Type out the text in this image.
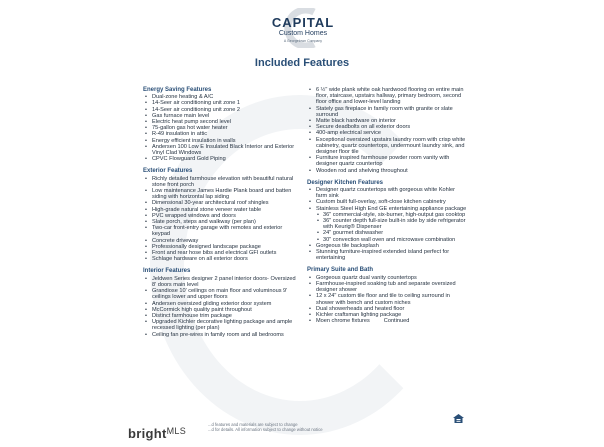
CAPITAL
Custom Homes
A Georgetown Company
Included Features
Energy Saving Features
• Dual-zone heating & A/C
• 14-Seer air conditioning unit zone 1
• 14-Seer air conditioning unit zone 2
• Gas furnace main level
• Electric heat pump second level
• 75-gallon gas hot water heater
• R-49 insulation in attic
• Energy efficient insulation in walls
• Andersen 100 Low E Insulated Black Interior and Exterior Vinyl Clad Windows
• CPVC Flowguard Gold Piping
Exterior Features
• Richly detailed farmhouse elevation with beautiful natural stone front porch
• Low maintenance James Hardie Plank board and batten siding with horizontal lap siding
• Dimensional 30-year architectural roof shingles
• High-grade natural stone veneer water table
• PVC wrapped windows and doors
• Slate porch, steps and walkway (per plan)
• Two-car front-entry garage with remotes and exterior keypad
• Concrete driveway
• Professionally designed landscape package
• Front and rear hose bibs and electrical GFI outlets
• Schlage hardware on all exterior doors
Interior Features
• Jeldwen Series designer 2 panel interior doors- Oversized 8' doors main level
• Grandiose 10' ceilings on main floor and voluminous 9' ceilings lower and upper floors
• Andersen oversized gliding exterior door system
• McCormick high quality paint throughout
• Distinct farmhouse trim package
• Upgraded Kichler decorative lighting package and ample recessed lighting (per plan)
• Ceiling fan pre-wires in family room and all bedrooms
• 6 ½" wide plank white oak hardwood flooring on entire main floor, staircase, upstairs hallway, primary bedroom, second floor office and lower-level landing
• Stately gas fireplace in family room with granite or slate surround
• Matte black hardware on interior
• Secure deadbolts on all exterior doors
• 400-amp electrical service
• Exceptional oversized upstairs laundry room with crisp white cabinetry, quartz countertops, undermount laundry sink, and designer floor tile
• Furniture inspired farmhouse powder room vanity with designer quartz countertop
• Wooden rod and shelving throughout
Designer Kitchen Features
• Designer quartz countertops with gorgeous white Kohler farm sink
• Custom built full-overlay, soft-close kitchen cabinetry
• Stainless Steel High End GE entertaining appliance package
• 36" commercial-style, six-burner, high-output gas cooktop
• 36" counter depth full-size built-in side by side refrigerator with Keurig® Dispenser
• 24" gourmet dishwasher
• 30" convection wall oven and microwave combination
• Gorgeous tile backsplash
• Stunning furniture-inspired extended island perfect for entertaining
Primary Suite and Bath
• Gorgeous quartz dual vanity countertops
• Farmhouse-inspired soaking tub and separate oversized designer shower
• 12 x 24" custom tile floor and tile to ceiling surround in shower with bench and custom niches
• Dual showerheads and heated floor
• Kichler craftsman lighting package
• Moen chrome fixtures	Continued
bright$^{MLS}$
...d features and materials are subject to change
...d for details. All information subject to change without notice
